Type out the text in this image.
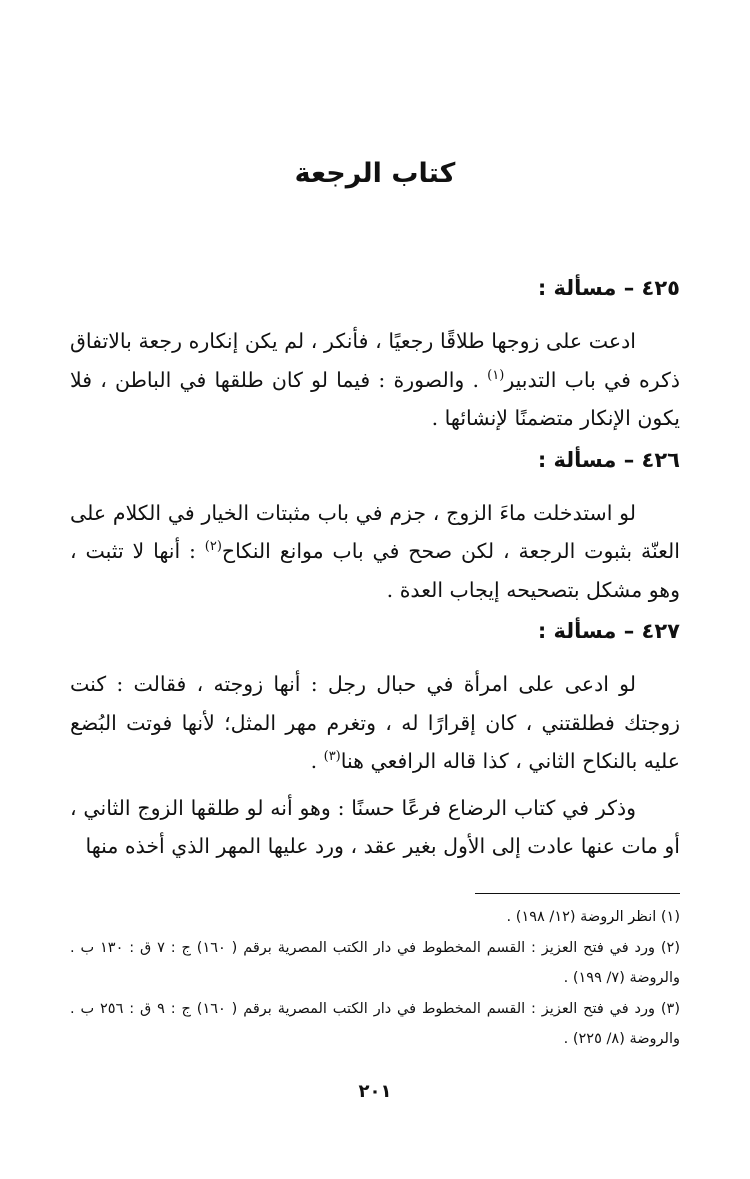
كتاب الرجعة
٤٢٥ – مسألة :

ادعت على زوجها طلاقًا رجعيًا ، فأنكر ، لم يكن إنكاره رجعة بالاتفاق ذكره في باب التدبير$^{(١)}$ . والصورة : فيما لو كان طلقها في الباطن ، فلا يكون الإنكار متضمنًا لإنشائها .

٤٢٦ – مسألة :

لو استدخلت ماءَ الزوج ، جزم في باب مثبتات الخيار في الكلام على العنّة بثبوت الرجعة ، لكن صحح في باب موانع النكاح$^{(٢)}$ : أنها لا تثبت ، وهو مشكل بتصحيحه إيجاب العدة .

٤٢٧ – مسألة :

لو ادعى على امرأة في حبال رجل : أنها زوجته ، فقالت : كنت زوجتك فطلقتني ، كان إقرارًا له ، وتغرم مهر المثل؛ لأنها فوتت البُضع عليه بالنكاح الثاني ، كذا قاله الرافعي هنا$^{(٣)}$ .

وذكر في كتاب الرضاع فرعًا حسنًا : وهو أنه لو طلقها الزوج الثاني ، أو مات عنها عادت إلى الأول بغير عقد ، ورد عليها المهر الذي أخذه منها

(١) انظر الروضة (١٢/ ١٩٨) .

(٢) ورد في فتح العزيز : القسم المخطوط في دار الكتب المصرية برقم ( ١٦٠) ج : ٧ ق : ١٣٠ ب . والروضة (٧/ ١٩٩) .

(٣) ورد في فتح العزيز : القسم المخطوط في دار الكتب المصرية برقم ( ١٦٠) ج : ٩ ق : ٢٥٦ ب . والروضة (٨/ ٢٢٥) .

٢٠١
